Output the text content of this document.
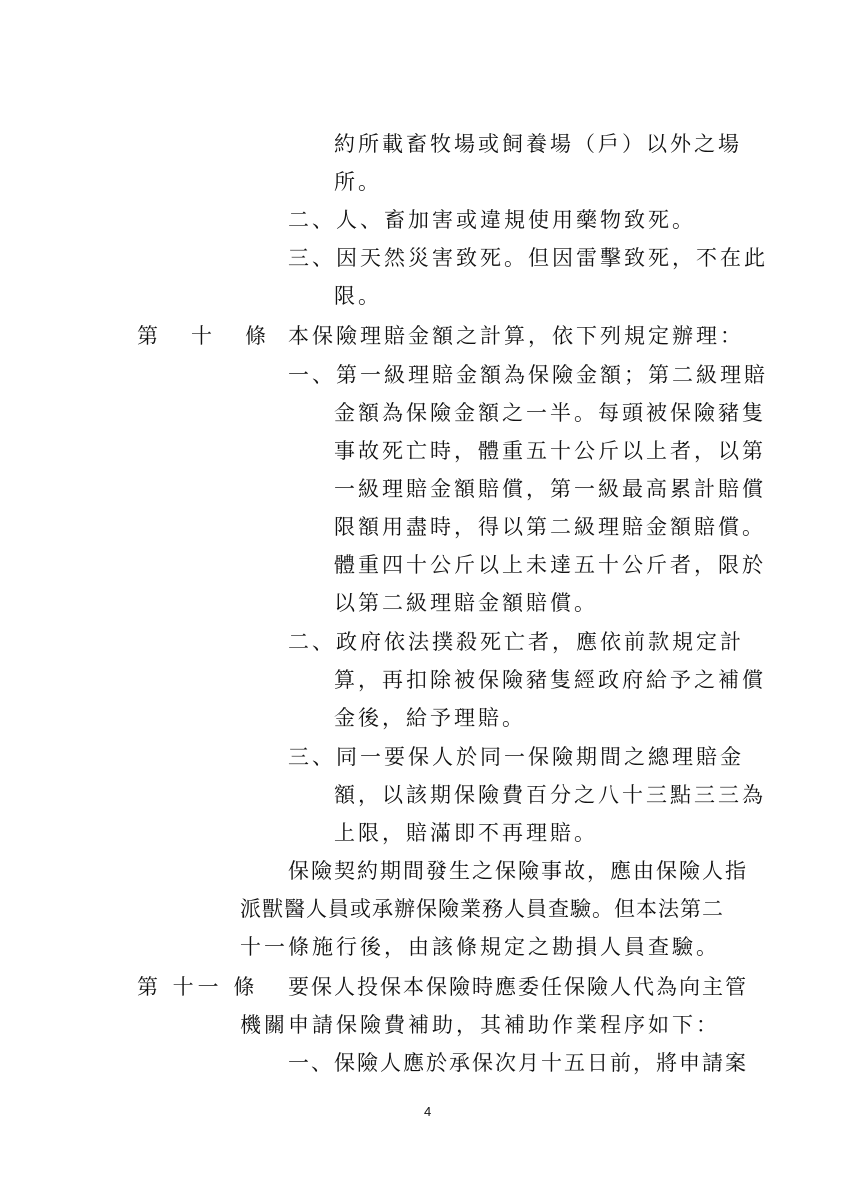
約所載畜牧場或飼養場（戶）以外之場
所。
二、人、畜加害或違規使用藥物致死。
三、因天然災害致死。但因雷擊致死，不在此
限。
第　十　條 本保險理賠金額之計算，依下列規定辦理：
一、第一級理賠金額為保險金額；第二級理賠
金額為保險金額之一半。每頭被保險豬隻
事故死亡時，體重五十公斤以上者，以第
一級理賠金額賠償，第一級最高累計賠償
限額用盡時，得以第二級理賠金額賠償。
體重四十公斤以上未達五十公斤者，限於
以第二級理賠金額賠償。
二、政府依法撲殺死亡者，應依前款規定計
算，再扣除被保險豬隻經政府給予之補償
金後，給予理賠。
三、同一要保人於同一保險期間之總理賠金
額，以該期保險費百分之八十三點三三為
上限，賠滿即不再理賠。
保險契約期間發生之保險事故，應由保險人指
派獸醫人員或承辦保險業務人員查驗。但本法第二
十一條施行後，由該條規定之勘損人員查驗。
第 十一 條 要保人投保本保險時應委任保險人代為向主管
機關申請保險費補助，其補助作業程序如下：
一、保險人應於承保次月十五日前，將申請案
4
